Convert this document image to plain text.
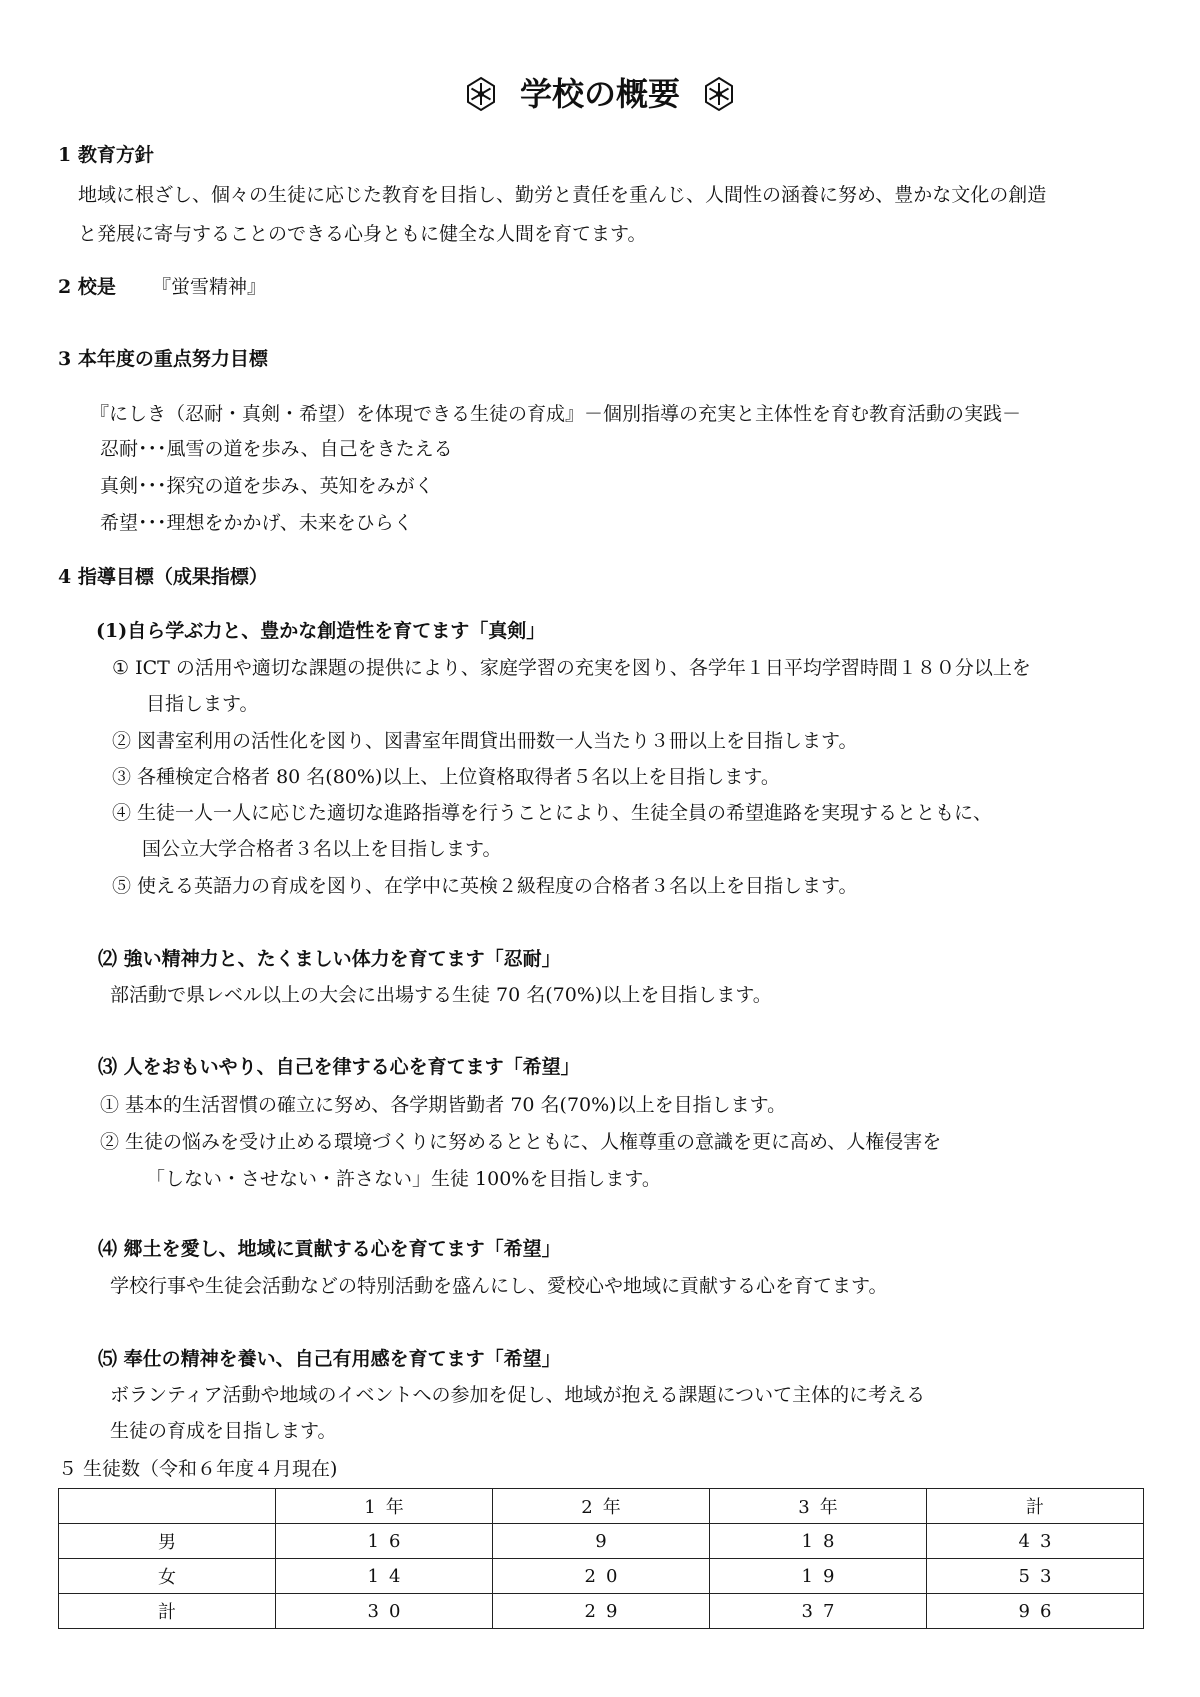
学校の概要
1 教育方針
地域に根ざし、個々の生徒に応じた教育を目指し、勤労と責任を重んじ、人間性の涵養に努め、豊かな文化の創造
と発展に寄与することのできる心身ともに健全な人間を育てます。
2 校是 『蛍雪精神』
3 本年度の重点努力目標
『にしき（忍耐・真剣・希望）を体現できる生徒の育成』－個別指導の充実と主体性を育む教育活動の実践－
忍耐･･･風雪の道を歩み、自己をきたえる
真剣･･･探究の道を歩み、英知をみがく
希望･･･理想をかかげ、未来をひらく
4 指導目標（成果指標）
(1)自ら学ぶ力と、豊かな創造性を育てます「真剣」
① ICT の活用や適切な課題の提供により、家庭学習の充実を図り、各学年１日平均学習時間１８０分以上を
目指します。
② 図書室利用の活性化を図り、図書室年間貸出冊数一人当たり３冊以上を目指します。
③ 各種検定合格者 80 名(80%)以上、上位資格取得者５名以上を目指します。
④ 生徒一人一人に応じた適切な進路指導を行うことにより、生徒全員の希望進路を実現するとともに、
国公立大学合格者３名以上を目指します。
⑤ 使える英語力の育成を図り、在学中に英検２級程度の合格者３名以上を目指します。
⑵ 強い精神力と、たくましい体力を育てます「忍耐」
部活動で県レベル以上の大会に出場する生徒 70 名(70%)以上を目指します。
⑶ 人をおもいやり、自己を律する心を育てます「希望」
① 基本的生活習慣の確立に努め、各学期皆勤者 70 名(70%)以上を目指します。
② 生徒の悩みを受け止める環境づくりに努めるとともに、人権尊重の意識を更に高め、人権侵害を
「しない・させない・許さない」生徒 100%を目指します。
⑷ 郷土を愛し、地域に貢献する心を育てます「希望」
学校行事や生徒会活動などの特別活動を盛んにし、愛校心や地域に貢献する心を育てます。
⑸ 奉仕の精神を養い、自己有用感を育てます「希望」
ボランティア活動や地域のイベントへの参加を促し、地域が抱える課題について主体的に考える
生徒の育成を目指します。
５ 生徒数（令和６年度４月現在)
	1年	2年	3年	計
男	16	9	18	43
女	14	20	19	53
計	30	29	37	96
